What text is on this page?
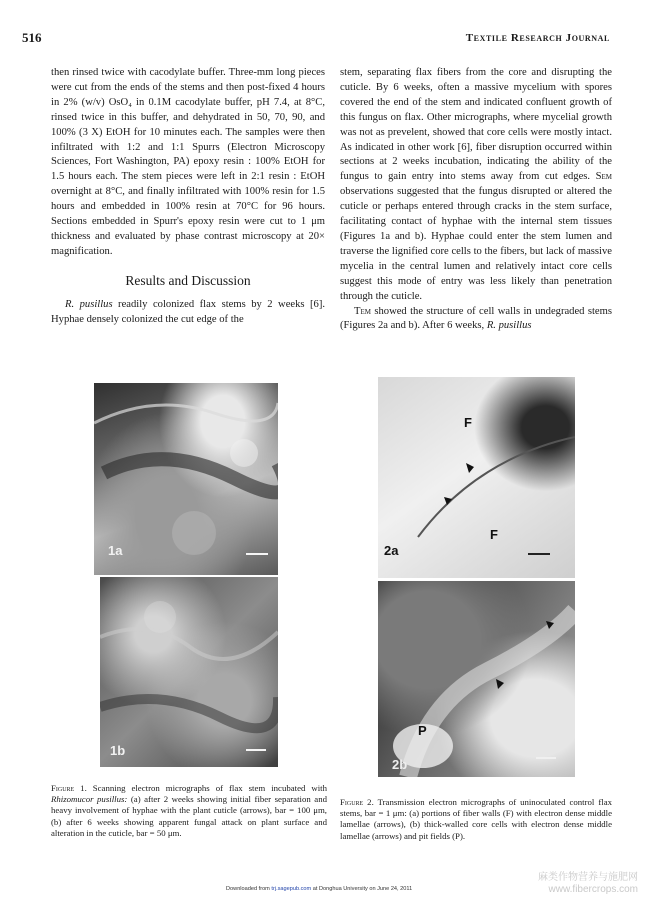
516	Textile Research Journal

then rinsed twice with cacodylate buffer. Three-mm long pieces were cut from the ends of the stems and then post-fixed 4 hours in 2% (w/v) OsO₄ in 0.1M cacodylate buffer, pH 7.4, at 8°C, rinsed twice in this buffer, and dehydrated in 50, 70, 90, and 100% (3 X) EtOH for 10 minutes each. The samples were then infiltrated with 1:2 and 1:1 Spurrs (Electron Microscopy Sciences, Fort Washington, PA) epoxy resin : 100% EtOH for 1.5 hours each. The stem pieces were left in 2:1 resin : EtOH overnight at 8°C, and finally infiltrated with 100% resin for 1.5 hours and embedded in 100% resin at 70°C for 96 hours. Sections embedded in Spurr's epoxy resin were cut to 1 μm thickness and evaluated by phase contrast microscopy at 20× magnification.

Results and Discussion

R. pusillus readily colonized flax stems by 2 weeks [6]. Hyphae densely colonized the cut edge of the

stem, separating flax fibers from the core and disrupting the cuticle. By 6 weeks, often a massive mycelium with spores covered the end of the stem and indicated confluent growth of this fungus on flax. Other micrographs, where mycelial growth was not as prevelent, showed that core cells were mostly intact. As indicated in other work [6], fiber disruption occurred within sections at 2 weeks incubation, indicating the ability of the fungus to gain entry into stems away from cut edges. Sem observations suggested that the fungus disrupted or altered the cuticle or perhaps entered through cracks in the stem surface, facilitating contact of hyphae with the internal stem tissues (Figures 1a and b). Hyphae could enter the stem lumen and traverse the lignified core cells to the fibers, but lack of massive mycelia in the central lumen and relatively intact core cells suggest this mode of entry was less likely than penetration through the cuticle.

Tem showed the structure of cell walls in undegraded stems (Figures 2a and b). After 6 weeks, R. pusillus

1a
1b
F
F
2a
P
2b
Figure 1. Scanning electron micrographs of flax stem incubated with Rhizomucor pusillus: (a) after 2 weeks showing initial fiber separation and heavy involvement of hyphae with the plant cuticle (arrows), bar = 100 μm, (b) after 6 weeks showing apparent fungal attack on plant surface and alteration in the cuticle, bar = 50 μm.
Figure 2. Transmission electron micrographs of uninoculated control flax stems, bar = 1 μm: (a) portions of fiber walls (F) with electron dense middle lamellae (arrows), (b) thick-walled core cells with electron dense middle lamellae (arrows) and pit fields (P).
Downloaded from trj.sagepub.com at Donghua University on June 24, 2011
麻类作物营养与施肥网
www.fibercrops.com
